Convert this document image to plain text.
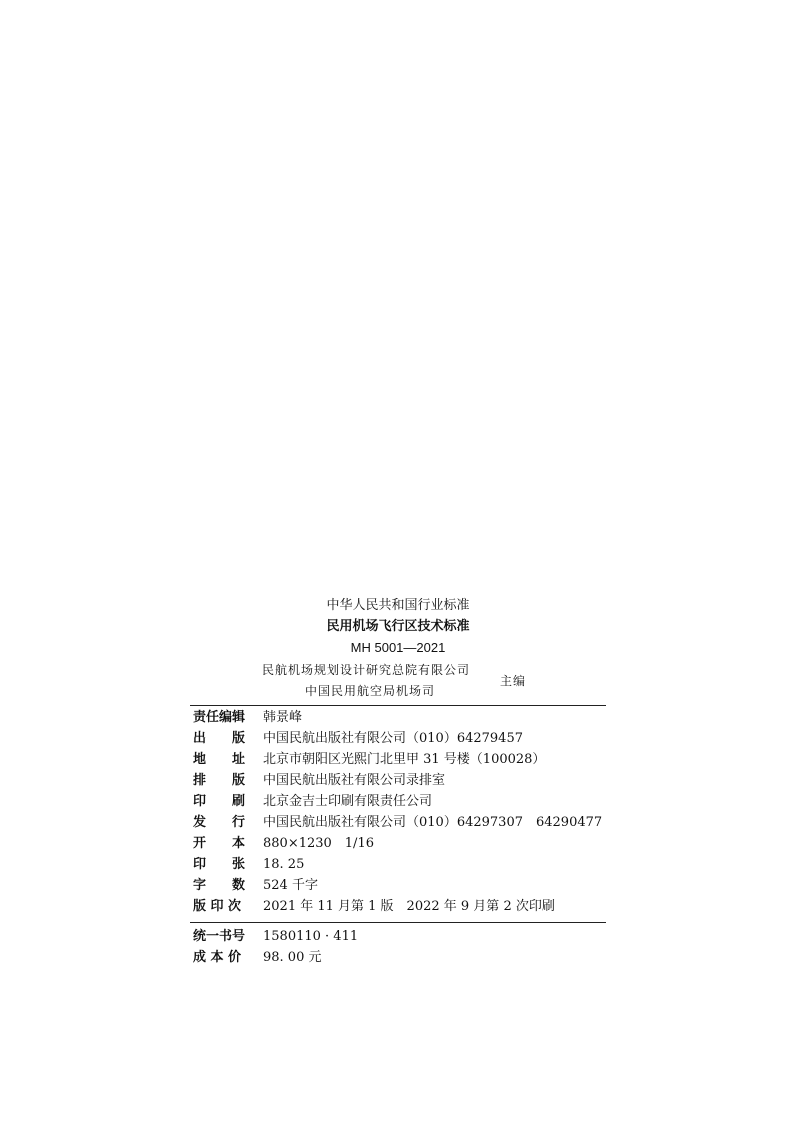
中华人民共和国行业标准
民用机场飞行区技术标准
MH 5001—2021
民航机场规划设计研究总院有限公司
中国民用航空局机场司
主编
责任编辑 韩景峰
出　　版 中国民航出版社有限公司（010）64279457
地　　址 北京市朝阳区光熙门北里甲 31 号楼（100028）
排　　版 中国民航出版社有限公司录排室
印　　刷 北京金吉士印刷有限责任公司
发　　行 中国民航出版社有限公司（010）64297307　64290477
开　　本 880×1230　1/16
印　　张 18. 25
字　　数 524 千字
版 印 次 2021 年 11 月第 1 版　2022 年 9 月第 2 次印刷
统一书号 1580110 · 411
成 本 价 98. 00 元
